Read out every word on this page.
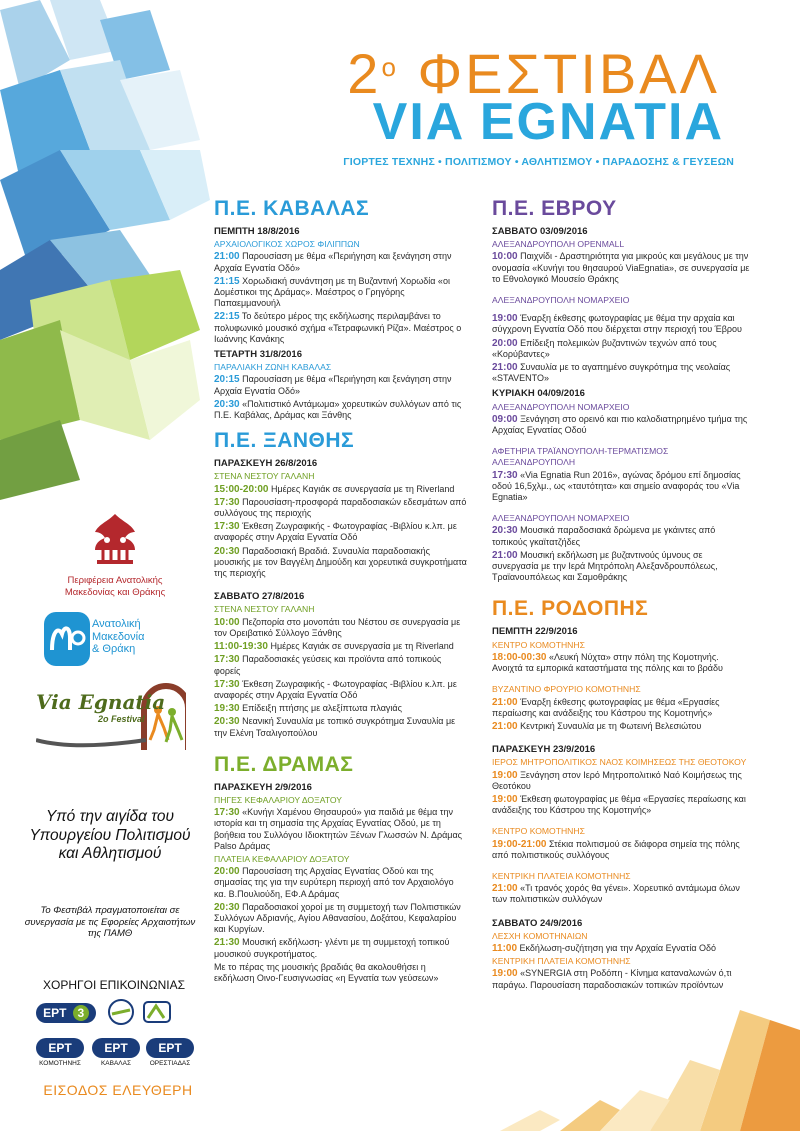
$2^o$ ΦΕΣΤΙΒΑΛ
VIA EGNATIA
ΓΙΟΡΤΕΣ ΤΕΧΝΗΣ • ΠΟΛΙΤΙΣΜΟΥ • ΑΘΛΗΤΙΣΜΟΥ • ΠΑΡΑΔΟΣΗΣ & ΓΕΥΣΕΩΝ
Π.Ε. ΚΑΒΑΛΑΣ
ΠΕΜΠΤΗ 18/8/2016
ΑΡΧΑΙΟΛΟΓΙΚΟΣ ΧΩΡΟΣ ΦΙΛΙΠΠΩΝ
21:00 Παρουσίαση με θέμα «Περιήγηση και ξενάγηση στην Αρχαία Εγνατία Οδό»
21:15 Χορωδιακή συνάντηση με τη Βυζαντινή Χορωδία «οι Δομέστικοι της Δράμας». Μαέστρος ο Γρηγόρης Παπαεμμανουήλ
22:15 Το δεύτερο μέρος της εκδήλωσης περιλαμβάνει το πολυφωνικό μουσικό σχήμα «Τετραφωνική Ρίζα». Μαέστρος ο Ιωάννης Κανάκης
ΤΕΤΑΡΤΗ 31/8/2016
ΠΑΡΑΛΙΑΚΗ ΖΩΝΗ ΚΑΒΑΛΑΣ
20:15 Παρουσίαση με θέμα «Περιήγηση και ξενάγηση στην Αρχαία Εγνατία Οδό»
20:30 «Πολιτιστικό Αντάμωμα» χορευτικών συλλόγων από τις Π.Ε. Καβάλας, Δράμας και Ξάνθης
Π.Ε. ΞΑΝΘΗΣ
ΠΑΡΑΣΚΕΥΗ 26/8/2016
ΣΤΕΝΑ ΝΕΣΤΟΥ ΓΑΛΑΝΗ
15:00-20:00 Ημέρες Καγιάκ σε συνεργασία με τη Riverland
17:30 Παρουσίαση-προσφορά παραδοσιακών εδεσμάτων από συλλόγους της περιοχής
17:30 Έκθεση Ζωγραφικής - Φωτογραφίας -Βιβλίου κ.λπ. με αναφορές στην Αρχαία Εγνατία Οδό
20:30 Παραδοσιακή Βραδιά. Συναυλία παραδοσιακής μουσικής με τον Βαγγέλη Δημούδη και χορευτικά συγκροτήματα της περιοχής
ΣΑΒΒΑΤΟ 27/8/2016
ΣΤΕΝΑ ΝΕΣΤΟΥ ΓΑΛΑΝΗ
10:00 Πεζοπορία στο μονοπάτι του Νέστου σε συνεργασία με τον Ορειβατικό Σύλλογο Ξάνθης
11:00-19:30 Ημέρες Καγιάκ σε συνεργασία με τη Riverland
17:30 Παραδοσιακές γεύσεις και προϊόντα από τοπικούς φορείς
17:30 Έκθεση Ζωγραφικής - Φωτογραφίας -Βιβλίου κ.λπ. με αναφορές στην Αρχαία Εγνατία Οδό
19:30 Επίδειξη πτήσης με αλεξίπτωτα πλαγιάς
20:30 Νεανική Συναυλία με τοπικό συγκρότημα Συναυλία με την Ελένη Τσαλιγοπούλου
Π.Ε. ΔΡΑΜΑΣ
ΠΑΡΑΣΚΕΥΗ 2/9/2016
ΠΗΓΕΣ ΚΕΦΑΛΑΡΙΟΥ ΔΟΞΑΤΟΥ
17:30 «Κυνήγι Χαμένου Θησαυρού» για παιδιά με θέμα την ιστορία και τη σημασία της Αρχαίας Εγνατίας Οδού, με τη βοήθεια του Συλλόγου Ιδιοκτητών Ξένων Γλωσσών Ν. Δράμας Palso Δράμας
ΠΛΑΤΕΙΑ ΚΕΦΑΛΑΡΙΟΥ ΔΟΞΑΤΟΥ
20:00 Παρουσίαση της Αρχαίας Εγνατίας Οδού και της σημασίας της για την ευρύτερη περιοχή από τον Αρχαιολόγο κα. Β.Πουλιούδη, ΕΦ.Α Δράμας
20:30 Παραδοσιακοί χοροί με τη συμμετοχή των Πολιτιστικών Συλλόγων Αδριανής, Αγίου Αθανασίου, Δοξάτου, Κεφαλαρίου και Κυργίων.
21:30 Μουσική εκδήλωση- γλέντι με τη συμμετοχή τοπικού μουσικού συγκροτήματος.
Με το πέρας της μουσικής βραδιάς θα ακολουθήσει η εκδήλωση Οινο-Γευσιγνωσίας «η Εγνατία των γεύσεων»
Π.Ε. ΕΒΡΟΥ
ΣΑΒΒΑΤΟ 03/09/2016
ΑΛΕΞΑΝΔΡΟΥΠΟΛΗ OPENMALL
10:00 Παιχνίδι - Δραστηριότητα για μικρούς και μεγάλους με την ονομασία «Κυνήγι του θησαυρού ViaEgnatia», σε συνεργασία με το Εθνολογικό Μουσείο Θράκης
ΑΛΕΞΑΝΔΡΟΥΠΟΛΗ ΝΟΜΑΡΧΕΙΟ
19:00 Έναρξη έκθεσης φωτογραφίας με θέμα την αρχαία και σύγχρονη Εγνατία Οδό που διέρχεται στην περιοχή του Έβρου
20:00 Επίδειξη πολεμικών βυζαντινών τεχνών από τους «Κορύβαντες»
21:00 Συναυλία με το αγαπημένο συγκρότημα της νεολαίας «STAVENTO»
ΚΥΡΙΑΚΗ 04/09/2016
ΑΛΕΞΑΝΔΡΟΥΠΟΛΗ ΝΟΜΑΡΧΕΙΟ
09:00 Ξενάγηση στο ορεινό και πιο καλοδιατηρημένο τμήμα της Αρχαίας Εγνατίας Οδού
ΑΦΕΤΗΡΙΑ ΤΡΑΪΑΝΟΥΠΟΛΗ-ΤΕΡΜΑΤΙΣΜΟΣ ΑΛΕΞΑΝΔΡΟΥΠΟΛΗ
17:30 «Via Egnatia Run 2016», αγώνας δρόμου επί δημοσίας οδού 16,5χλμ., ως «ταυτότητα» και σημείο αναφοράς του «Via Egnatia»
ΑΛΕΞΑΝΔΡΟΥΠΟΛΗ ΝΟΜΑΡΧΕΙΟ
20:30 Μουσικά παραδοσιακά δρώμενα με γκάιντες από τοπικούς γκαϊτατζήδες
21:00 Μουσική εκδήλωση με βυζαντινούς ύμνους σε συνεργασία με την Ιερά Μητρόπολη Αλεξανδρουπόλεως, Τραϊανουπόλεως και Σαμοθράκης
Π.Ε. ΡΟΔΟΠΗΣ
ΠΕΜΠΤΗ 22/9/2016
ΚΕΝΤΡΟ ΚΟΜΟΤΗΝΗΣ
18:00-00:30 «Λευκή Νύχτα» στην πόλη της Κομοτηνής. Ανοιχτά τα εμπορικά καταστήματα της πόλης και το βράδυ
ΒΥΖΑΝΤΙΝΟ ΦΡΟΥΡΙΟ ΚΟΜΟΤΗΝΗΣ
21:00 Έναρξη έκθεσης φωτογραφίας με θέμα «Εργασίες περαίωσης και ανάδειξης του Κάστρου της Κομοτηνής»
21:00 Κεντρική Συναυλία με τη Φωτεινή Βελεσιώτου
ΠΑΡΑΣΚΕΥΗ 23/9/2016
ΙΕΡΟΣ ΜΗΤΡΟΠΟΛΙΤΙΚΟΣ ΝΑΟΣ ΚΟΙΜΗΣΕΩΣ ΤΗΣ ΘΕΟΤΟΚΟΥ
19:00 Ξενάγηση στον Ιερό Μητροπολιτικό Ναό Κοιμήσεως της Θεοτόκου
19:00 Έκθεση φωτογραφίας με θέμα «Εργασίες περαίωσης και ανάδειξης του Κάστρου της Κομοτηνής»
ΚΕΝΤΡΟ ΚΟΜΟΤΗΝΗΣ
19:00-21:00 Στέκια πολιτισμού σε διάφορα σημεία της πόλης από πολιτιστικούς συλλόγους
ΚΕΝΤΡΙΚΗ ΠΛΑΤΕΙΑ ΚΟΜΟΤΗΝΗΣ
21:00 «Τι τρανός χορός θα γένει». Χορευτικό αντάμωμα όλων των πολιτιστικών συλλόγων
ΣΑΒΒΑΤΟ 24/9/2016
ΛΕΣΧΗ ΚΟΜΟΤΗΝΑΙΩΝ
11:00 Εκδήλωση-συζήτηση για την Αρχαία Εγνατία Οδό
ΚΕΝΤΡΙΚΗ ΠΛΑΤΕΙΑ ΚΟΜΟΤΗΝΗΣ
19:00 «SYNERGIA στη Ροδόπη - Κίνημα καταναλωνών ό,τι παράγω. Παρουσίαση παραδοσιακών τοπικών προϊόντων
Περιφέρεια Ανατολικής
Μακεδονίας και Θράκης
Ανατολική
Μακεδονία
& Θράκη
Via Egnatia
2ο Festival
Υπό την αιγίδα του Υπουργείου Πολιτισμού και Αθλητισμού
Το Φεστιβάλ πραγματοποιείται σε συνεργασία με τις Εφορείες Αρχαιοτήτων της ΠΑΜΘ
ΧΟΡΗΓΟΙ ΕΠΙΚΟΙΝΩΝΙΑΣ
ΕΡΤ 3
ΕΡΤ
ΚΟΜΟΤΗΝΗΣ
ΕΡΤ
ΚΑΒΑΛΑΣ
ΕΡΤ
ΟΡΕΣΤΙΑΔΑΣ
ΕΙΣΟΔΟΣ ΕΛΕΥΘΕΡΗ
